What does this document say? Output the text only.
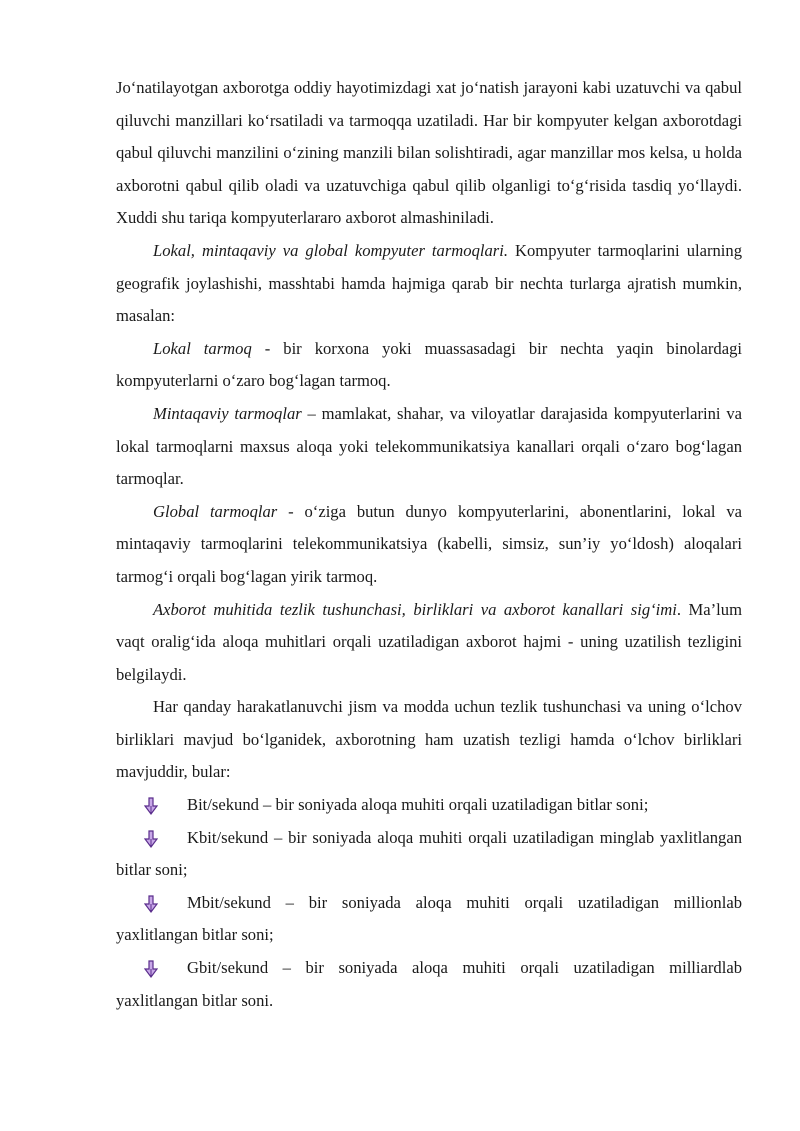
Jo‘natilayotgan axborotga oddiy hayotimizdagi xat jo‘natish jarayoni kabi uzatuvchi va qabul qiluvchi manzillari ko‘rsatiladi va tarmoqqa uzatiladi. Har bir kompyuter kelgan axborotdagi qabul qiluvchi manzilini o‘zining manzili bilan solishtiradi, agar manzillar mos kelsa, u holda axborotni qabul qilib oladi va uzatuvchiga qabul qilib olganligi to‘g‘risida tasdiq yo‘llaydi. Xuddi shu tariqa kompyuterlararo axborot almashiniladi.

Lokal, mintaqaviy va global kompyuter tarmoqlari. Kompyuter tarmoqlarini ularning geografik joylashishi, masshtabi hamda hajmiga qarab bir nechta turlarga ajratish mumkin, masalan:

Lokal tarmoq - bir korxona yoki muassasadagi bir nechta yaqin binolardagi kompyuterlarni o‘zaro bog‘lagan tarmoq.

Mintaqaviy tarmoqlar – mamlakat, shahar, va viloyatlar darajasida kompyuterlarini va lokal tarmoqlarni maxsus aloqa yoki telekommunikatsiya kanallari orqali o‘zaro bog‘lagan tarmoqlar.

Global tarmoqlar - o‘ziga butun dunyo kompyuterlarini, abonentlarini, lokal va mintaqaviy tarmoqlarini telekommunikatsiya (kabelli, simsiz, sun’iy yo‘ldosh) aloqalari tarmog‘i orqali bog‘lagan yirik tarmoq.

Axborot muhitida tezlik tushunchasi, birliklari va axborot kanallari sig‘imi. Ma’lum vaqt oralig‘ida aloqa muhitlari orqali uzatiladigan axborot hajmi - uning uzatilish tezligini belgilaydi.

Har qanday harakatlanuvchi jism va modda uchun tezlik tushunchasi va uning o‘lchov birliklari mavjud bo‘lganidek, axborotning ham uzatish tezligi hamda o‘lchov birliklari mavjuddir, bular:

Bit/sekund – bir soniyada aloqa muhiti orqali uzatiladigan bitlar soni;

Kbit/sekund – bir soniyada aloqa muhiti orqali uzatiladigan minglab yaxlitlangan bitlar soni;

Mbit/sekund – bir soniyada aloqa muhiti orqali uzatiladigan millionlab yaxlitlangan bitlar soni;

Gbit/sekund – bir soniyada aloqa muhiti orqali uzatiladigan milliardlab yaxlitlangan bitlar soni.
